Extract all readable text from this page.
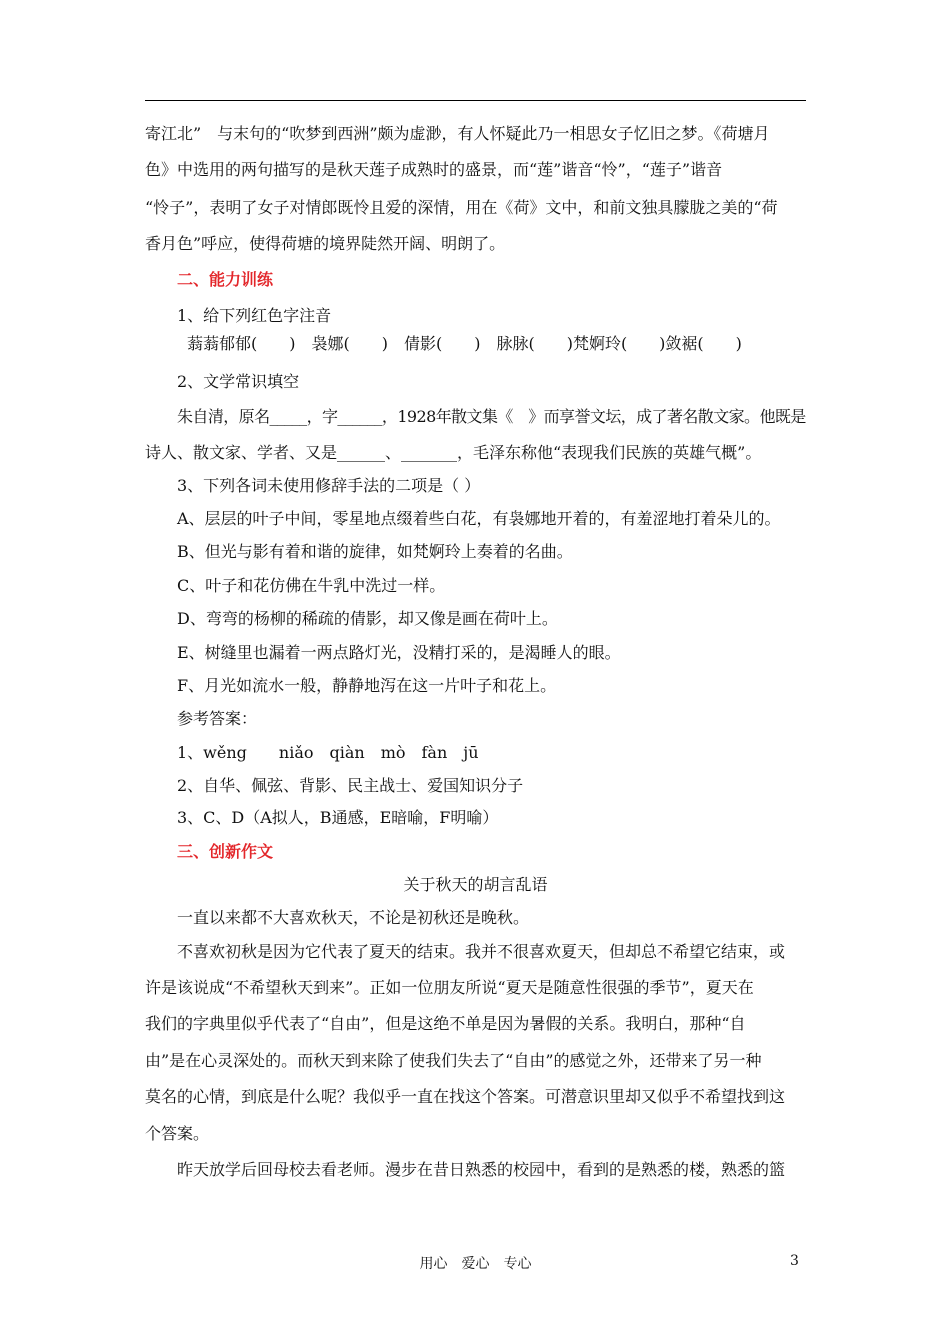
寄江北”　与末句的“吹梦到西洲”颇为虚渺，有人怀疑此乃一相思女子忆旧之梦。《荷塘月
色》中选用的两句描写的是秋天莲子成熟时的盛景，而“莲”谐音“怜”，“莲子”谐音
“怜子”，表明了女子对情郎既怜且爱的深情，用在《荷》文中，和前文独具朦胧之美的“荷
香月色”呼应，使得荷塘的境界陡然开阔、明朗了。
二、能力训练
1、给下列红色字注音
蓊蓊郁郁(　　)　袅娜(　　)　倩影(　　)　脉脉(　　)梵婀玲(　　)敛裾(　　)
2、文学常识填空
朱自清，原名_____，字______，1928年散文集《　》而享誉文坛，成了著名散文家。他既是
诗人、散文家、学者、又是______、_______，毛泽东称他“表现我们民族的英雄气概”。
3、下列各词未使用修辞手法的二项是（ ）
A、层层的叶子中间，零星地点缀着些白花，有袅娜地开着的，有羞涩地打着朵儿的。
B、但光与影有着和谐的旋律，如梵婀玲上奏着的名曲。
C、叶子和花仿佛在牛乳中洗过一样。
D、弯弯的杨柳的稀疏的倩影，却又像是画在荷叶上。
E、树缝里也漏着一两点路灯光，没精打采的，是渴睡人的眼。
F、月光如流水一般，静静地泻在这一片叶子和花上。
参考答案：
1、wěng　　niǎo　qiàn　mò　fàn　jū
2、自华、佩弦、背影、民主战士、爱国知识分子
3、C、D（A拟人，B通感，E暗喻，F明喻）
三、创新作文
关于秋天的胡言乱语
一直以来都不大喜欢秋天，不论是初秋还是晚秋。
不喜欢初秋是因为它代表了夏天的结束。我并不很喜欢夏天，但却总不希望它结束，或
许是该说成“不希望秋天到来”。正如一位朋友所说“夏天是随意性很强的季节”，夏天在
我们的字典里似乎代表了“自由”，但是这绝不单是因为暑假的关系。我明白，那种“自
由”是在心灵深处的。而秋天到来除了使我们失去了“自由”的感觉之外，还带来了另一种
莫名的心情，到底是什么呢？我似乎一直在找这个答案。可潜意识里却又似乎不希望找到这
个答案。
昨天放学后回母校去看老师。漫步在昔日熟悉的校园中，看到的是熟悉的楼，熟悉的篮
用心　爱心　专心	3
